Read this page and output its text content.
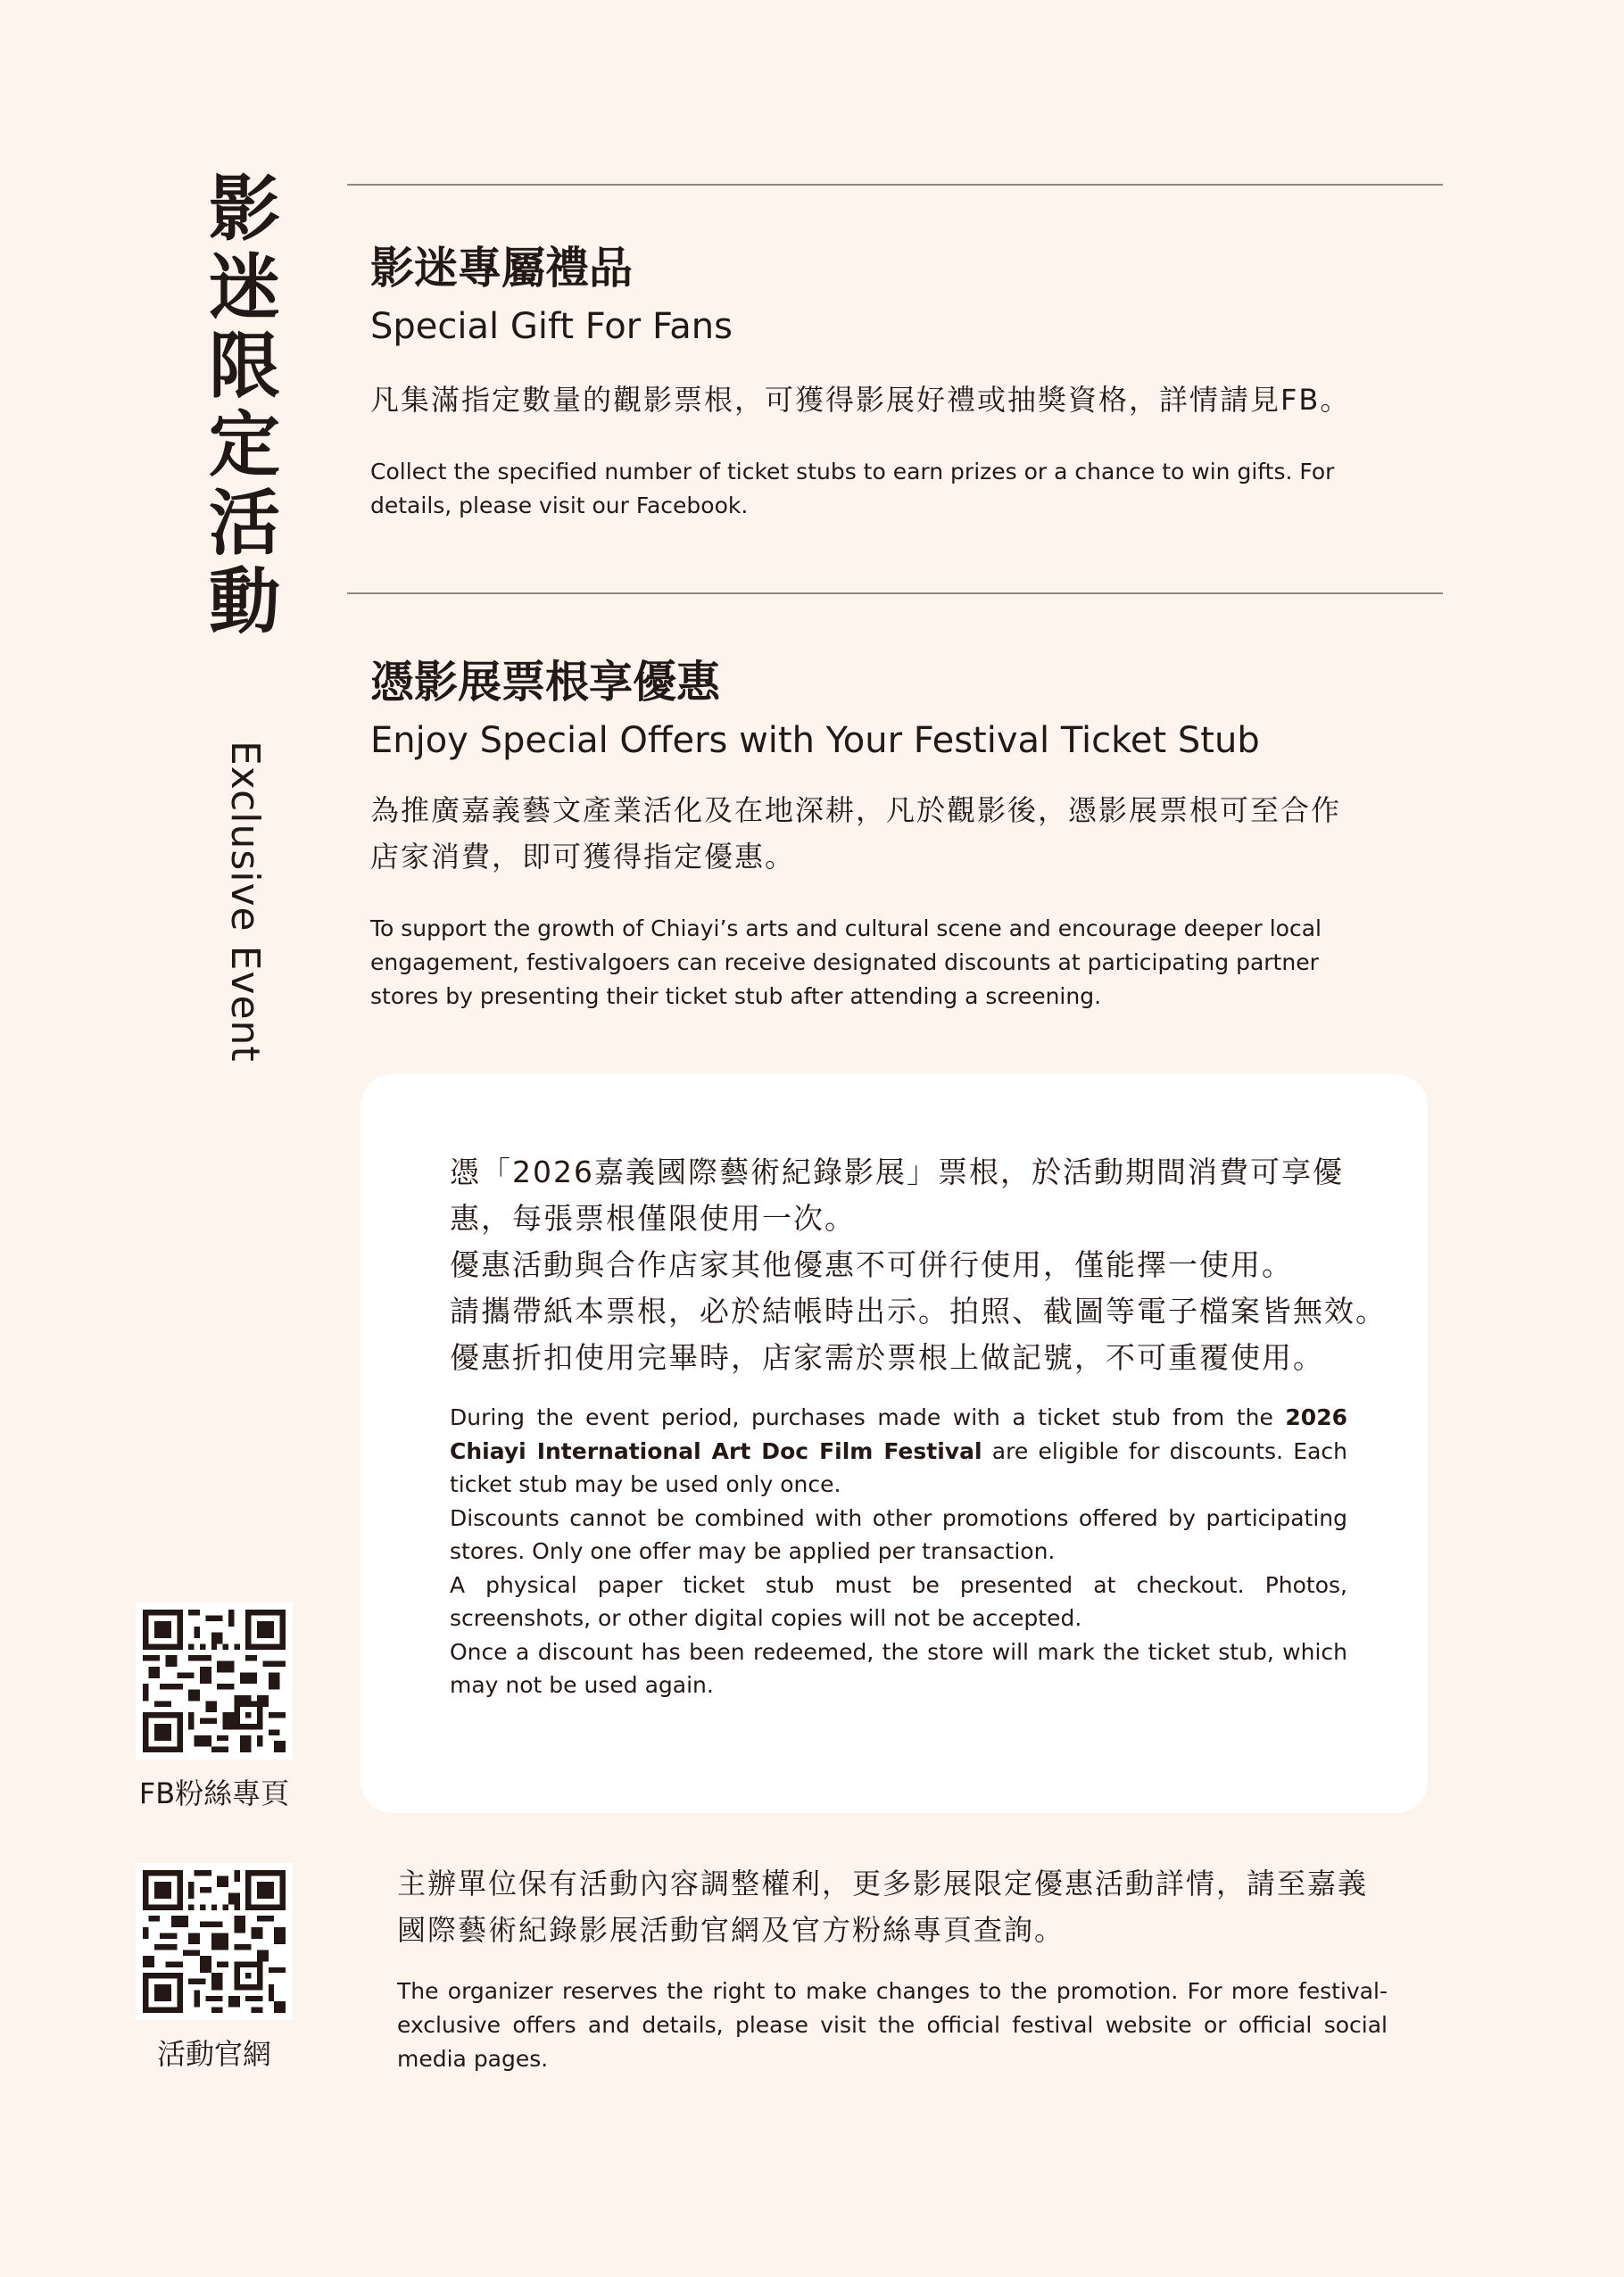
影
迷
限
定
活
動
Exclusive Event
影迷專屬禮品
Special Gift For Fans
凡集滿指定數量的觀影票根，可獲得影展好禮或抽獎資格，詳情請見FB。
Collect the specified number of ticket stubs to earn prizes or a chance to win gifts. For details, please visit our Facebook.
憑影展票根享優惠
Enjoy Special Offers with Your Festival Ticket Stub
為推廣嘉義藝文產業活化及在地深耕，凡於觀影後，憑影展票根可至合作
店家消費，即可獲得指定優惠。
To support the growth of Chiayi’s arts and cultural scene and encourage deeper local engagement, festivalgoers can receive designated discounts at participating partner stores by presenting their ticket stub after attending a screening.
憑「2026嘉義國際藝術紀錄影展」票根，於活動期間消費可享優
惠，每張票根僅限使用一次。
優惠活動與合作店家其他優惠不可併行使用，僅能擇一使用。
請攜帶紙本票根，必於結帳時出示。拍照、截圖等電子檔案皆無效。
優惠折扣使用完畢時，店家需於票根上做記號，不可重覆使用。

During the event period, purchases made with a ticket stub from the 2026 Chiayi International Art Doc Film Festival are eligible for discounts. Each ticket stub may be used only once.

Discounts cannot be combined with other promotions offered by participating stores. Only one offer may be applied per transaction.

A physical paper ticket stub must be presented at checkout. Photos, screenshots, or other digital copies will not be accepted.

Once a discount has been redeemed, the store will mark the ticket stub, which may not be used again.

FB粉絲專頁
活動官網
主辦單位保有活動內容調整權利，更多影展限定優惠活動詳情，請至嘉義
國際藝術紀錄影展活動官網及官方粉絲專頁查詢。
The organizer reserves the right to make changes to the promotion. For more festival-exclusive offers and details, please visit the official festival website or official social media pages.
